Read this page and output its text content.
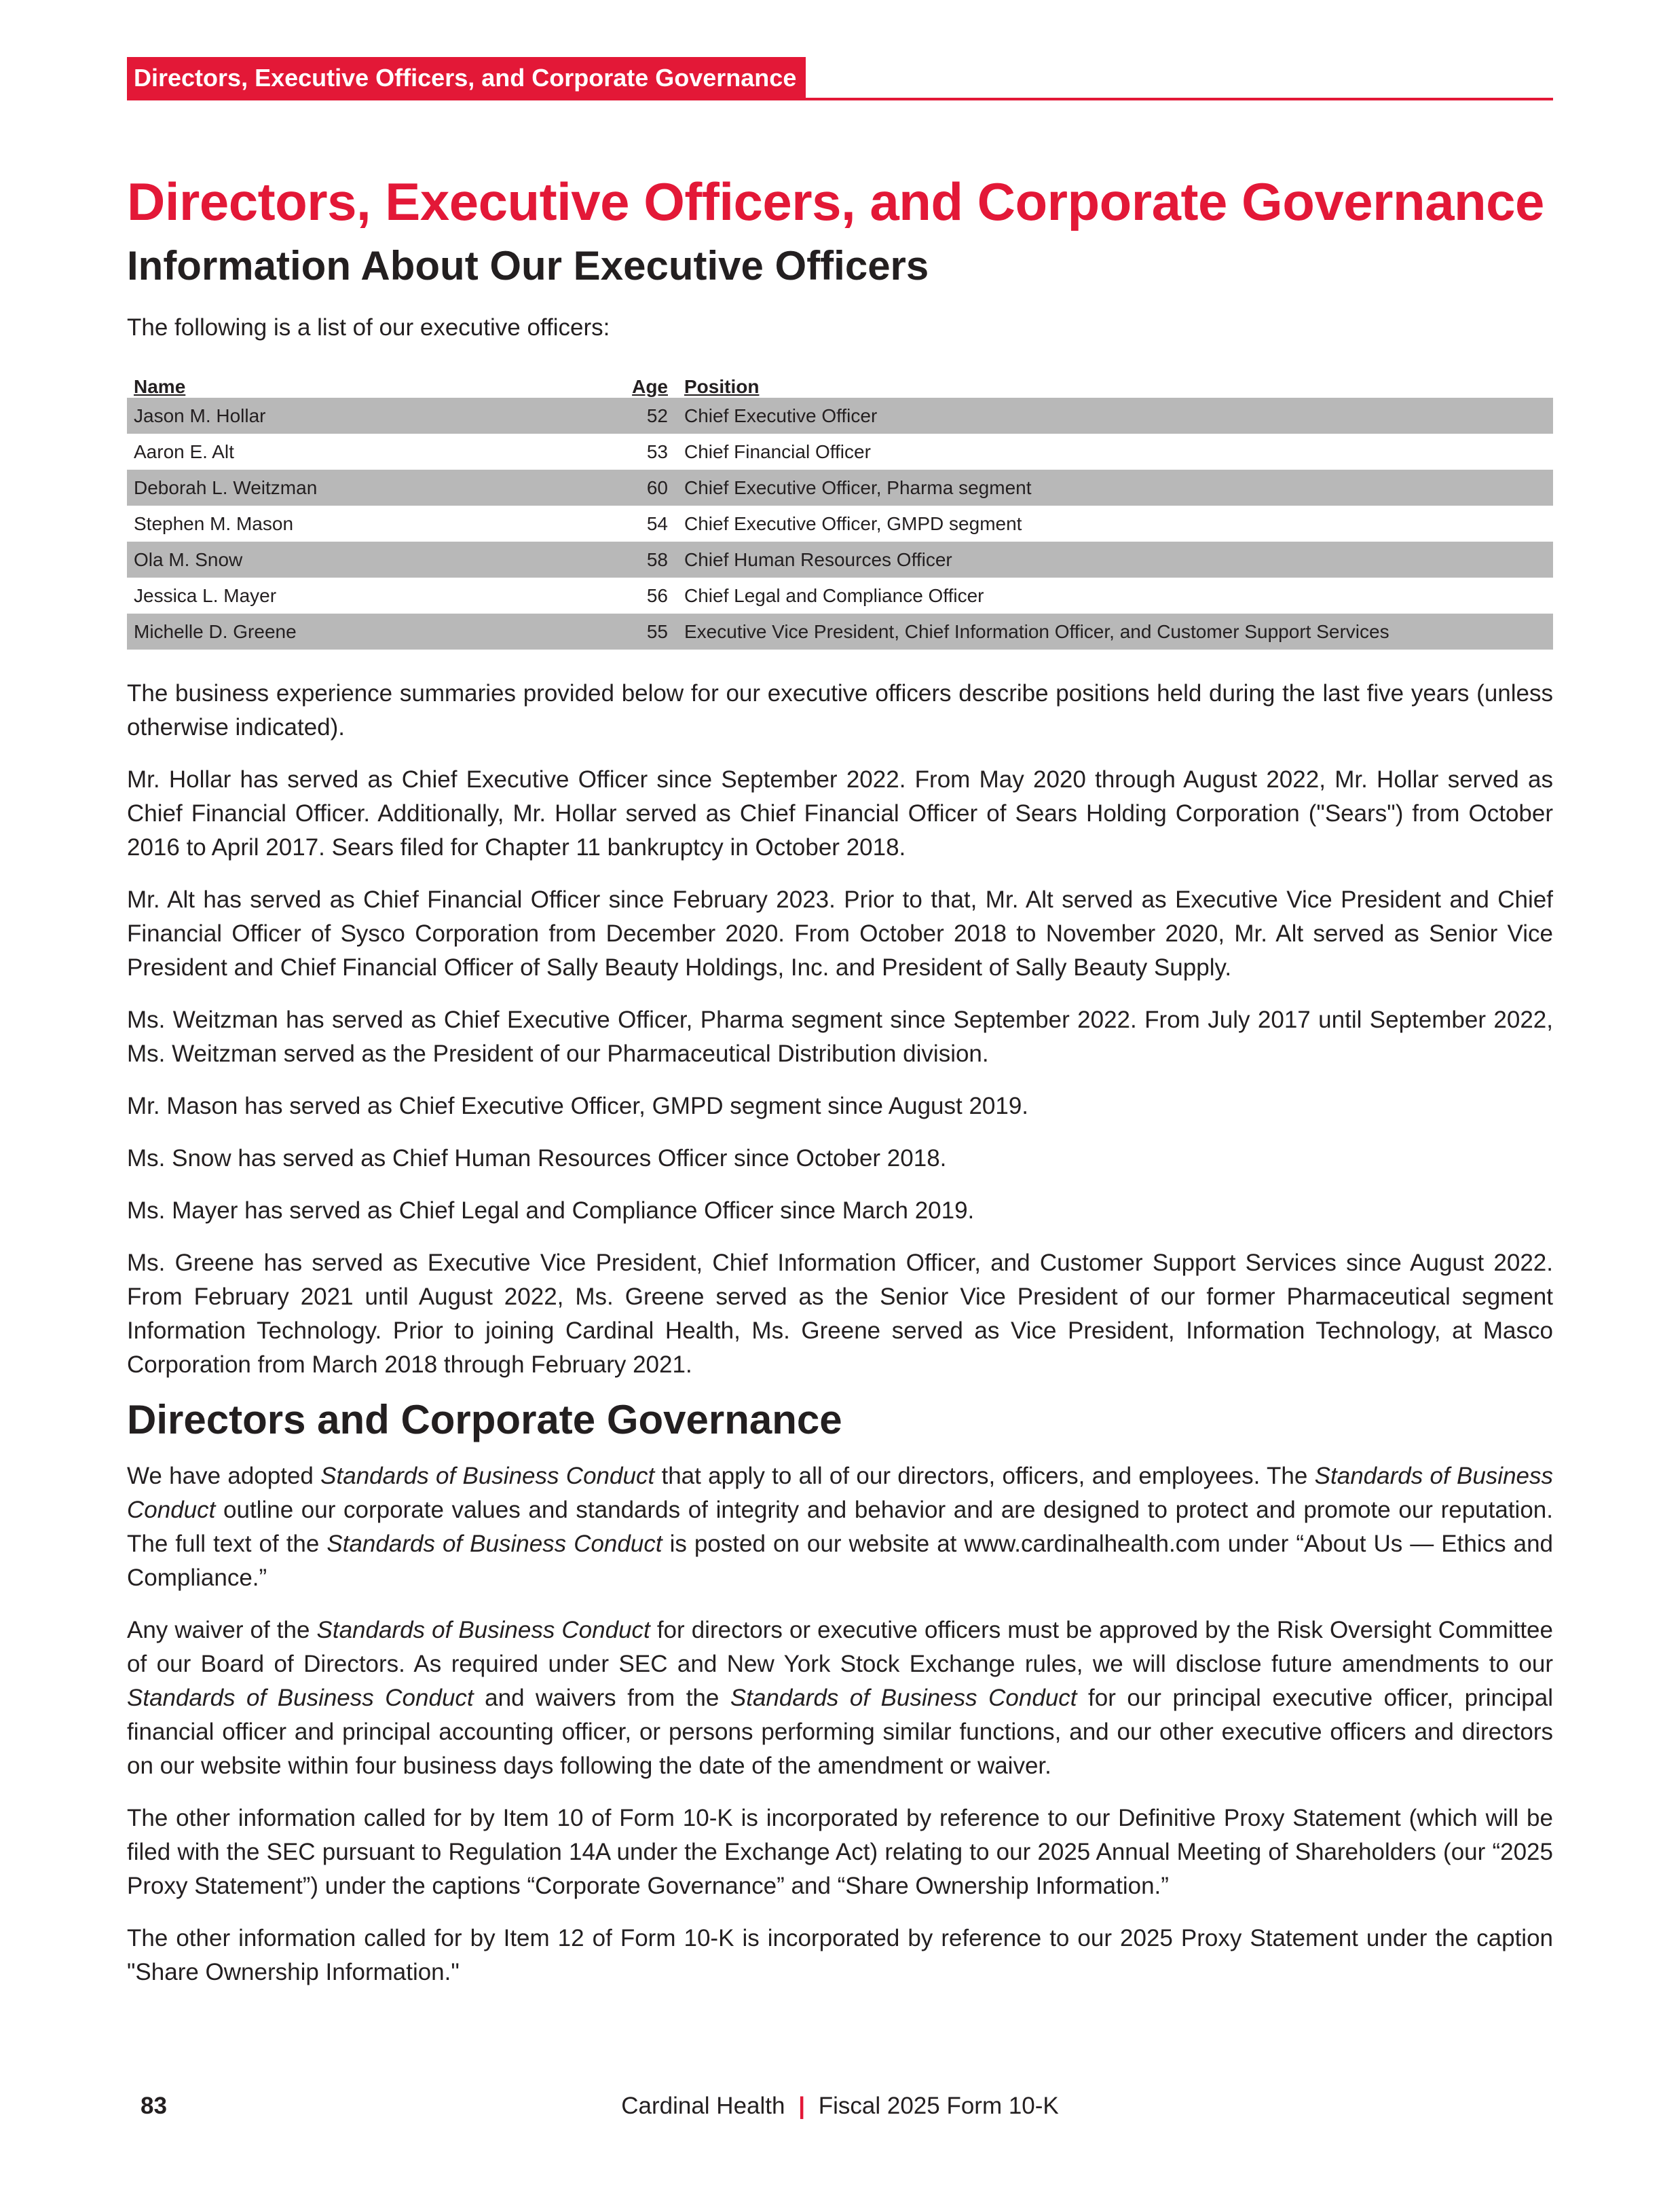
Directors, Executive Officers, and Corporate Governance
Directors, Executive Officers, and Corporate Governance
Information About Our Executive Officers

The following is a list of our executive officers:

Name	Age	Position
Jason M. Hollar	52	Chief Executive Officer
Aaron E. Alt	53	Chief Financial Officer
Deborah L. Weitzman	60	Chief Executive Officer, Pharma segment
Stephen M. Mason	54	Chief Executive Officer, GMPD segment
Ola M. Snow	58	Chief Human Resources Officer
Jessica L. Mayer	56	Chief Legal and Compliance Officer
Michelle D. Greene	55	Executive Vice President, Chief Information Officer, and Customer Support Services

The business experience summaries provided below for our executive officers describe positions held during the last five years (unless otherwise indicated).

Mr. Hollar has served as Chief Executive Officer since September 2022. From May 2020 through August 2022, Mr. Hollar served as Chief Financial Officer. Additionally, Mr. Hollar served as Chief Financial Officer of Sears Holding Corporation ("Sears") from October 2016 to April 2017. Sears filed for Chapter 11 bankruptcy in October 2018.

Mr. Alt has served as Chief Financial Officer since February 2023. Prior to that, Mr. Alt served as Executive Vice President and Chief Financial Officer of Sysco Corporation from December 2020. From October 2018 to November 2020, Mr. Alt served as Senior Vice President and Chief Financial Officer of Sally Beauty Holdings, Inc. and President of Sally Beauty Supply.

Ms. Weitzman has served as Chief Executive Officer, Pharma segment since September 2022. From July 2017 until September 2022, Ms. Weitzman served as the President of our Pharmaceutical Distribution division.

Mr. Mason has served as Chief Executive Officer, GMPD segment since August 2019.

Ms. Snow has served as Chief Human Resources Officer since October 2018.

Ms. Mayer has served as Chief Legal and Compliance Officer since March 2019.

Ms. Greene has served as Executive Vice President, Chief Information Officer, and Customer Support Services since August 2022. From February 2021 until August 2022, Ms. Greene served as the Senior Vice President of our former Pharmaceutical segment Information Technology. Prior to joining Cardinal Health, Ms. Greene served as Vice President, Information Technology, at Masco Corporation from March 2018 through February 2021.

Directors and Corporate Governance

We have adopted Standards of Business Conduct that apply to all of our directors, officers, and employees. The Standards of Business Conduct outline our corporate values and standards of integrity and behavior and are designed to protect and promote our reputation. The full text of the Standards of Business Conduct is posted on our website at www.cardinalhealth.com under “About Us — Ethics and Compliance.”

Any waiver of the Standards of Business Conduct for directors or executive officers must be approved by the Risk Oversight Committee of our Board of Directors. As required under SEC and New York Stock Exchange rules, we will disclose future amendments to our Standards of Business Conduct and waivers from the Standards of Business Conduct for our principal executive officer, principal financial officer and principal accounting officer, or persons performing similar functions, and our other executive officers and directors on our website within four business days following the date of the amendment or waiver.

The other information called for by Item 10 of Form 10-K is incorporated by reference to our Definitive Proxy Statement (which will be filed with the SEC pursuant to Regulation 14A under the Exchange Act) relating to our 2025 Annual Meeting of Shareholders (our “2025 Proxy Statement”) under the captions “Corporate Governance” and “Share Ownership Information.”

The other information called for by Item 12 of Form 10-K is incorporated by reference to our 2025 Proxy Statement under the caption "Share Ownership Information."

83	Cardinal Health | Fiscal 2025 Form 10-K
